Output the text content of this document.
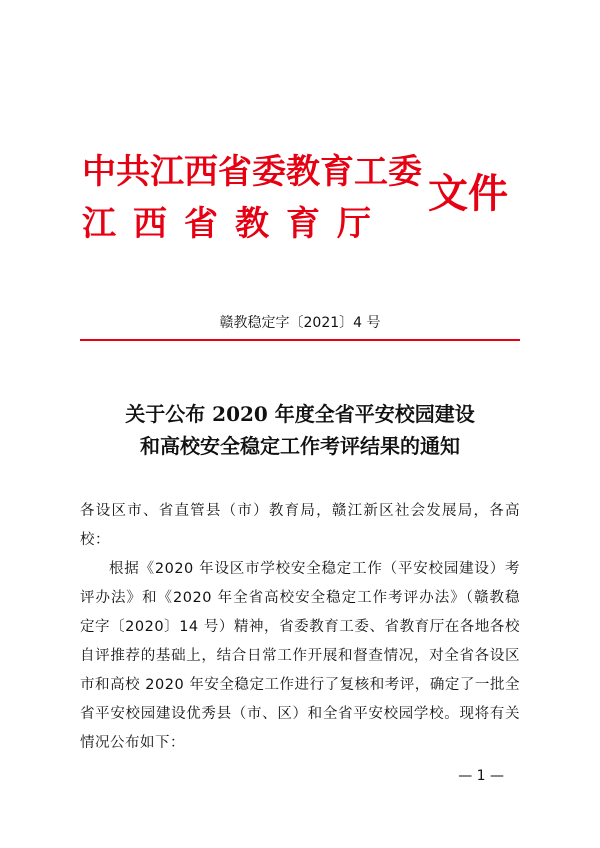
中共江西省委教育工委
江西省教育厅
文件
赣教稳定字〔2021〕4 号
关于公布 2020 年度全省平安校园建设
和高校安全稳定工作考评结果的通知

各设区市、省直管县（市）教育局，赣江新区社会发展局，各高校：

根据《2020 年设区市学校安全稳定工作（平安校园建设）考评办法》和《2020 年全省高校安全稳定工作考评办法》（赣教稳定字〔2020〕14 号）精神，省委教育工委、省教育厅在各地各校自评推荐的基础上，结合日常工作开展和督查情况，对全省各设区市和高校 2020 年安全稳定工作进行了复核和考评，确定了一批全省平安校园建设优秀县（市、区）和全省平安校园学校。现将有关情况公布如下：

— 1 —
